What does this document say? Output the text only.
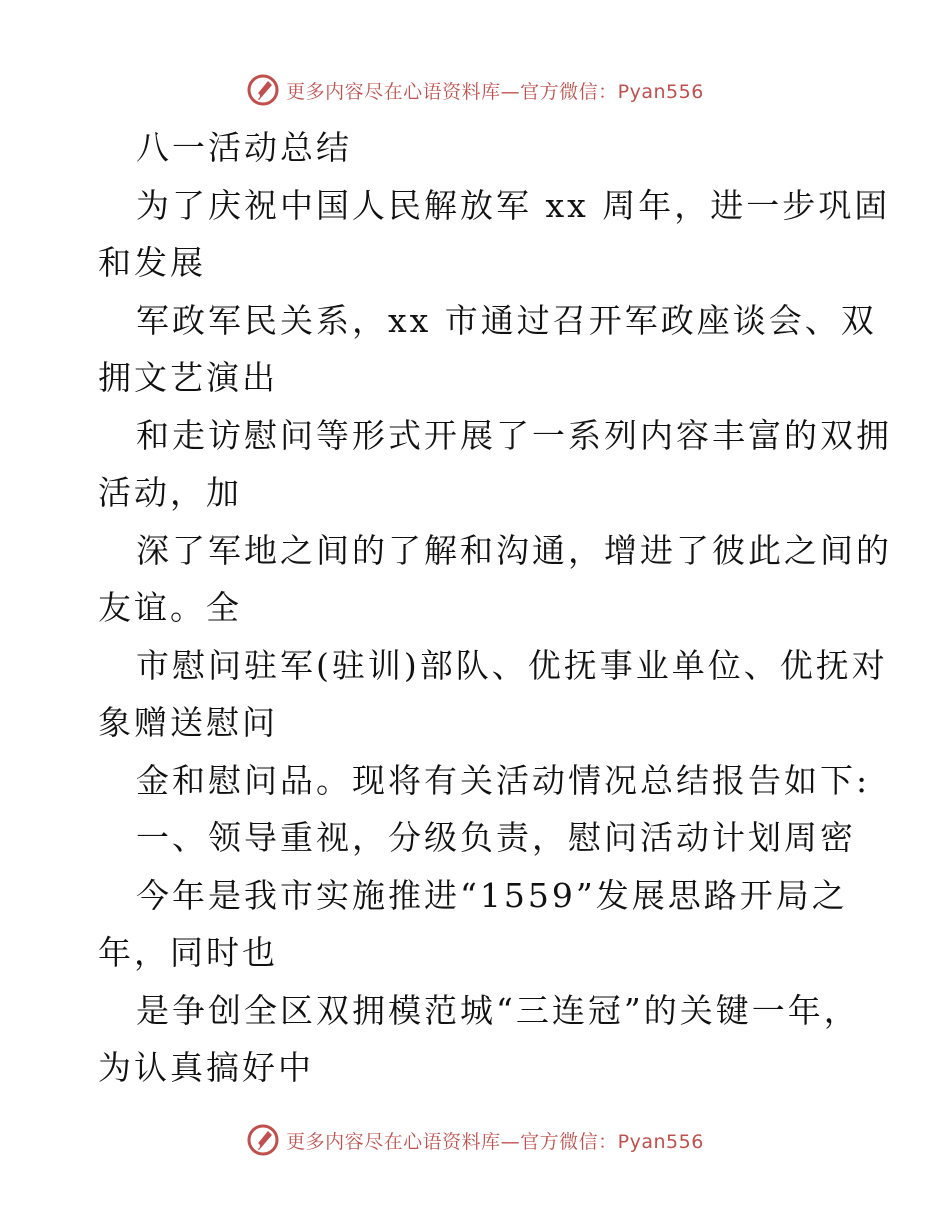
更多内容尽在心语资料库—官方微信：Pyan556
八一活动总结
为了庆祝中国人民解放军 xx 周年，进一步巩固
和发展
军政军民关系，xx 市通过召开军政座谈会、双
拥文艺演出
和走访慰问等形式开展了一系列内容丰富的双拥
活动，加
深了军地之间的了解和沟通，增进了彼此之间的
友谊。全
市慰问驻军(驻训)部队、优抚事业单位、优抚对
象赠送慰问
金和慰问品。现将有关活动情况总结报告如下:
一、领导重视，分级负责，慰问活动计划周密
今年是我市实施推进“1559”发展思路开局之
年，同时也
是争创全区双拥模范城“三连冠”的关键一年，
为认真搞好中
更多内容尽在心语资料库—官方微信：Pyan556
